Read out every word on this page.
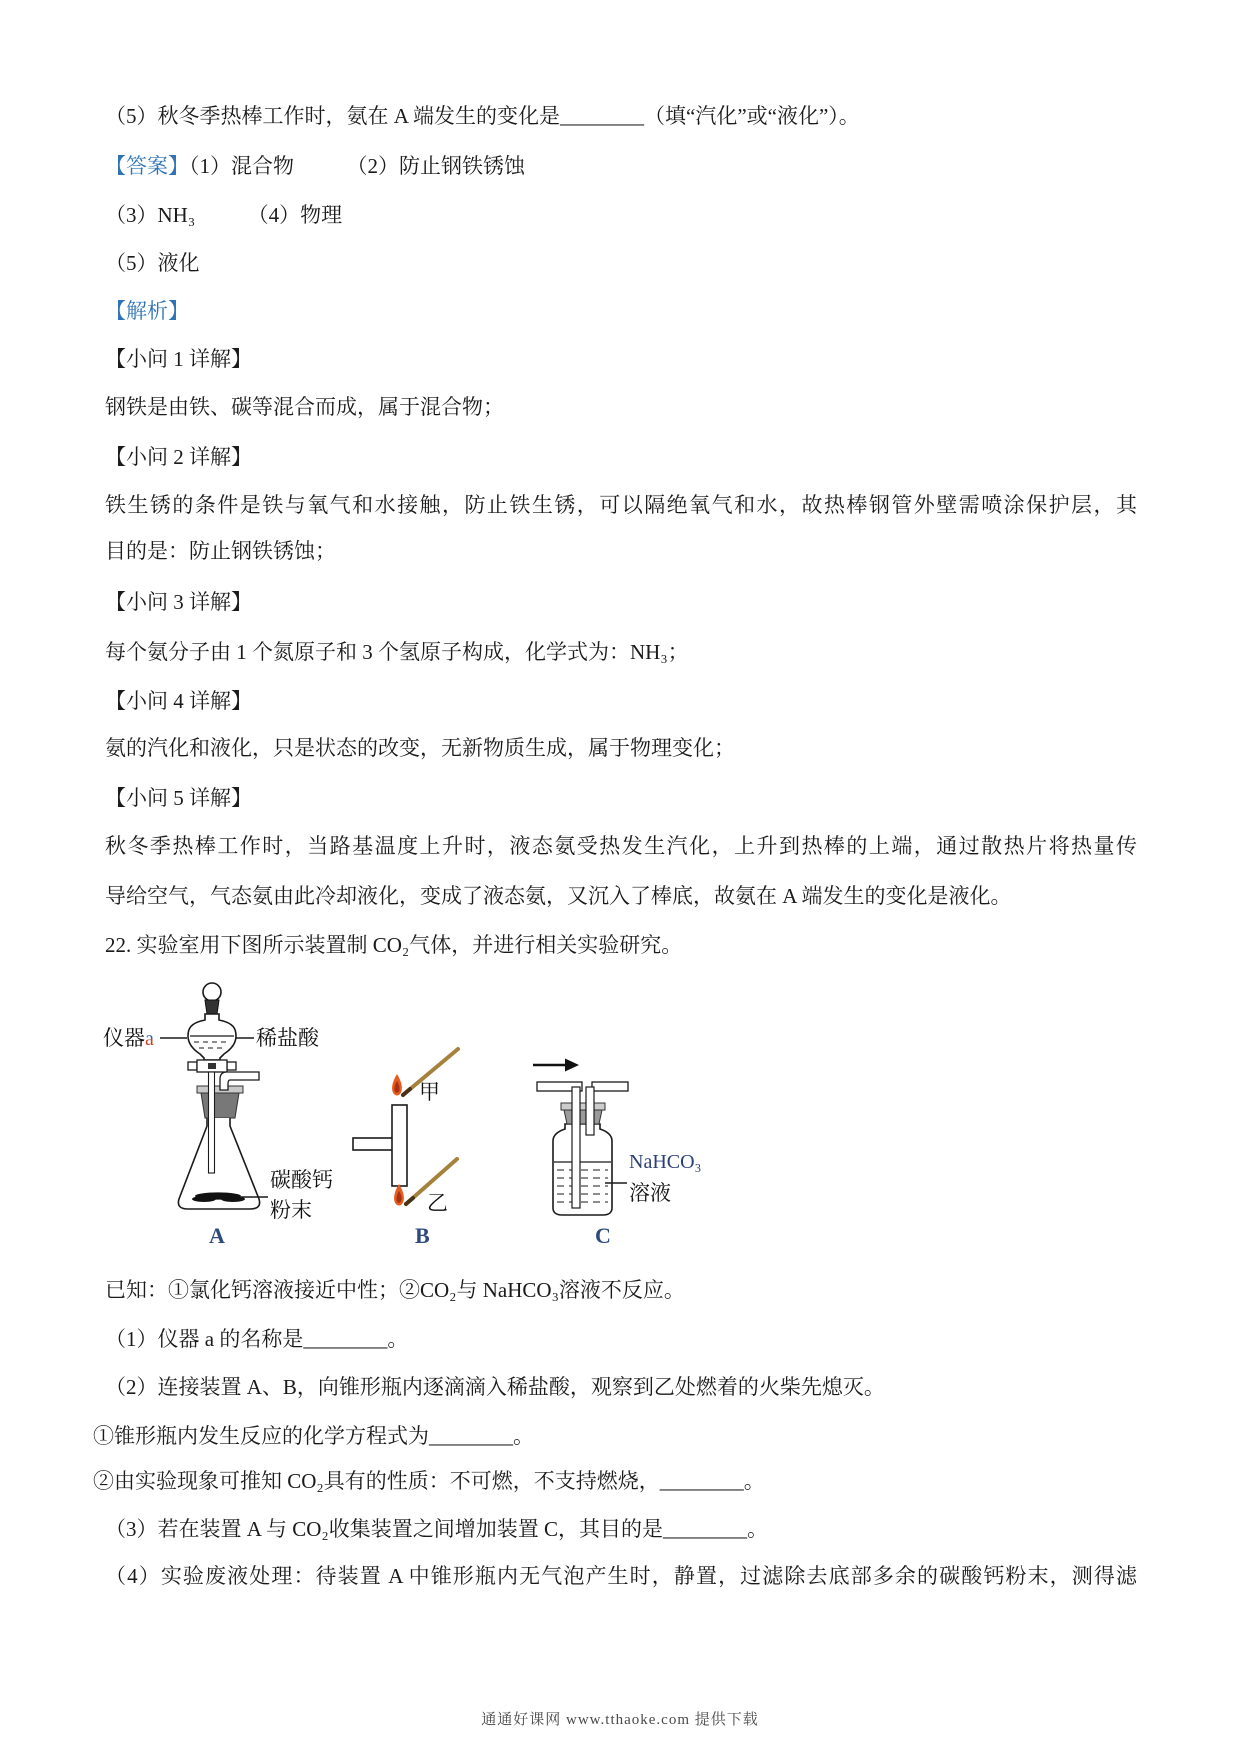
（5）秋冬季热棒工作时，氨在 A 端发生的变化是________（填“汽化”或“液化”）。
【答案】（1）混合物　　　（2）防止钢铁锈蚀
（3）NH₃　　　（4）物理
（5）液化
【解析】
【小问 1 详解】
钢铁是由铁、碳等混合而成，属于混合物；
【小问 2 详解】
铁生锈的条件是铁与氧气和水接触，防止铁生锈，可以隔绝氧气和水，故热棒钢管外壁需喷涂保护层，其
目的是：防止钢铁锈蚀；
【小问 3 详解】
每个氨分子由 1 个氮原子和 3 个氢原子构成，化学式为：NH₃；
【小问 4 详解】
氨的汽化和液化，只是状态的改变，无新物质生成，属于物理变化；
【小问 5 详解】
秋冬季热棒工作时，当路基温度上升时，液态氨受热发生汽化，上升到热棒的上端，通过散热片将热量传
导给空气，气态氨由此冷却液化，变成了液态氨，又沉入了棒底，故氨在 A 端发生的变化是液化。
22. 实验室用下图所示装置制 CO₂气体，并进行相关实验研究。
仪器a	稀盐酸
碳酸钙
粉末
A
甲
乙
B
NaHCO₃
溶液
C
已知：①氯化钙溶液接近中性；②CO₂与 NaHCO₃溶液不反应。
（1）仪器 a 的名称是________。
（2）连接装置 A、B，向锥形瓶内逐滴滴入稀盐酸，观察到乙处燃着的火柴先熄灭。
①锥形瓶内发生反应的化学方程式为________。
②由实验现象可推知 CO₂具有的性质：不可燃，不支持燃烧，________。
（3）若在装置 A 与 CO₂收集装置之间增加装置 C，其目的是________。
（4）实验废液处理：待装置 A 中锥形瓶内无气泡产生时，静置，过滤除去底部多余的碳酸钙粉末，测得滤
通通好课网 www.tthaoke.com 提供下载
